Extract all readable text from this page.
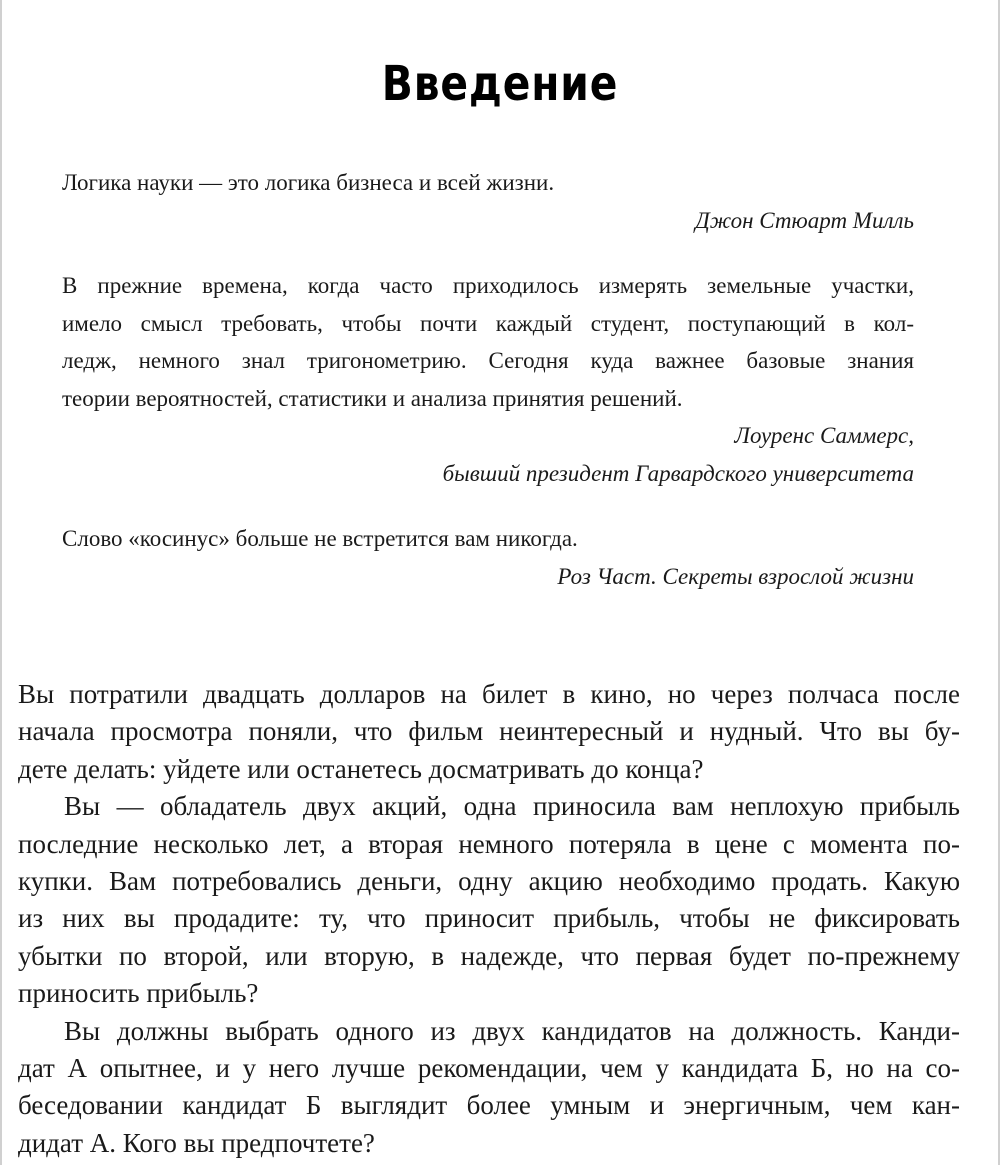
Введение
Логика науки — это логика бизнеса и всей жизни.
Джон Стюарт Милль
В прежние времена, когда часто приходилось измерять земельные участки,
имело смысл требовать, чтобы почти каждый студент, поступающий в кол-
ледж, немного знал тригонометрию. Сегодня куда важнее базовые знания
теории вероятностей, статистики и анализа принятия решений.
Лоуренс Саммерс,
бывший президент Гарвардского университета
Слово «косинус» больше не встретится вам никогда.
Роз Част. Секреты взрослой жизни
Вы потратили двадцать долларов на билет в кино, но через полчаса после
начала просмотра поняли, что фильм неинтересный и нудный. Что вы бу-
дете делать: уйдете или останетесь досматривать до конца?
Вы — обладатель двух акций, одна приносила вам неплохую прибыль
последние несколько лет, а вторая немного потеряла в цене с момента по-
купки. Вам потребовались деньги, одну акцию необходимо продать. Какую
из них вы продадите: ту, что приносит прибыль, чтобы не фиксировать
убытки по второй, или вторую, в надежде, что первая будет по-прежнему
приносить прибыль?
Вы должны выбрать одного из двух кандидатов на должность. Канди-
дат А опытнее, и у него лучше рекомендации, чем у кандидата Б, но на со-
беседовании кандидат Б выглядит более умным и энергичным, чем кан-
дидат А. Кого вы предпочтете?
